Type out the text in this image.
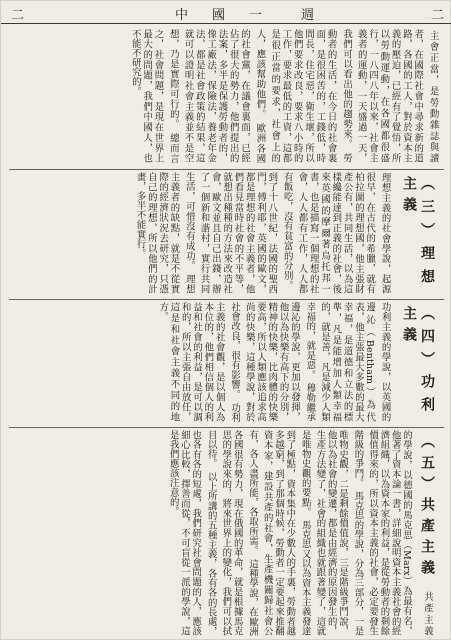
二	中國一 週	二

主會正當，是勞動雜誌與讀者，在國際社會中尋求新的道路，各國的工人，對於資本主義的壓迫，已經有了覺悟，所以勞動運動，在各國都很盛行，一八四八年以來，社會主義者的運動，一天盛過一天，我們可以看出他的趨勢來。

勞動者的生活，在今日的社會裏面，是很困苦的，工錢低，時間長，住宅惡，衛生壞，所以他們要求改良，要求八小時的工作，要求最低的工資，這都是很正當的要求，社會上的人，應該幫助他們。

歐洲各國的社會黨，在議會裏面，已經佔了很大的勢力，他們提出的法案，多半是保護勞動者的，像工廠法，保險法，養老年金法，都是社會政策的結果，這就可以證明社會主義並不是空想，乃是實際可行的。

總而言之，社會問題，是現在世界上最大的問題，我們中國人，也不能不研究的。

（三）理想主義

理想主義的社會學說，起源很早，在古代的希臘，就有柏拉圖的理想國，他主張財產公有，共同生活，以為這樣纔能達到正義的社會，後來英國的摩爾著烏托邦一書，也是描寫一個理想的社會，人人都有工作，人人都有飯吃，沒有貧富的分別。

到了十八世紀，法國的聖西門，傅利耶，英國的歐文，都是理想的社會主義者，他們看見當時社會的不平等，就想出種種的方法來改造社會，歐文並且自己出錢，辦了一個新和諧村，實行共同生活，可惜沒有成功。

理想主義者的缺點，就是不從實際的經濟狀況去研究，只憑自己的理想，所以他們的計畫，多半不能實行。

（四）功利主義

功利主義的學說，以英國的邊沁（Bentham）為代表，他主張最大多數的最大幸福，是道德和立法的標準，凡是能增加人類幸福的，就是善，凡是減少人類幸福的，就是惡。

穆勒繼承邊沁的學說，更加以發揮，他以為快樂有高下的分別，精神的快樂，比肉體的快樂要高，所以人類應該追求高尚的快樂，這種學說，對於社會改良，很有影響。

功利主義的社會觀，是以個人為本位的，他們相信個人的利益和社會的利益，是可以調和的，所以主張自由放任，這是和社會主義不同的地方。

（五）共產主義

共產主義的學說，以德國的馬克思（Marx）為最有名，他著了資本論一書，詳細說明資本主義社會的經濟組織，以為資本家的利益，是從勞動者的剩餘價值得來的，所以資本主義的社會，必定要發生階級的爭鬥。

馬克思的學說，分為三部分，一是唯物史觀，二是剩餘價值說，三是階級爭鬥說，他以為社會的變遷，都是由經濟的原因發生的，生產方法變了，社會的組織也就跟著變了，這就是唯物史觀的要點。

馬克思又以為資本主義發達到了極點，資本集中在少數人的手裏，勞動者越多越窮，到了那個時候，勞動者一定要起來推翻資本家，建設共產的社會，生產機關歸社會公有，各人盡所能，各取所需。

這種學說，在歐洲各國很有勢力，現在俄國的革命，就是根據馬克思的學說來的，將來世界上的變化，我們可以拭目以待。

以上所講的五種主義，各有各的長處，也各有各的短處，我們研究社會問題的人，應該細心比較，擇善而從，不可盲從一派的學說，這是我們應該注意的。
